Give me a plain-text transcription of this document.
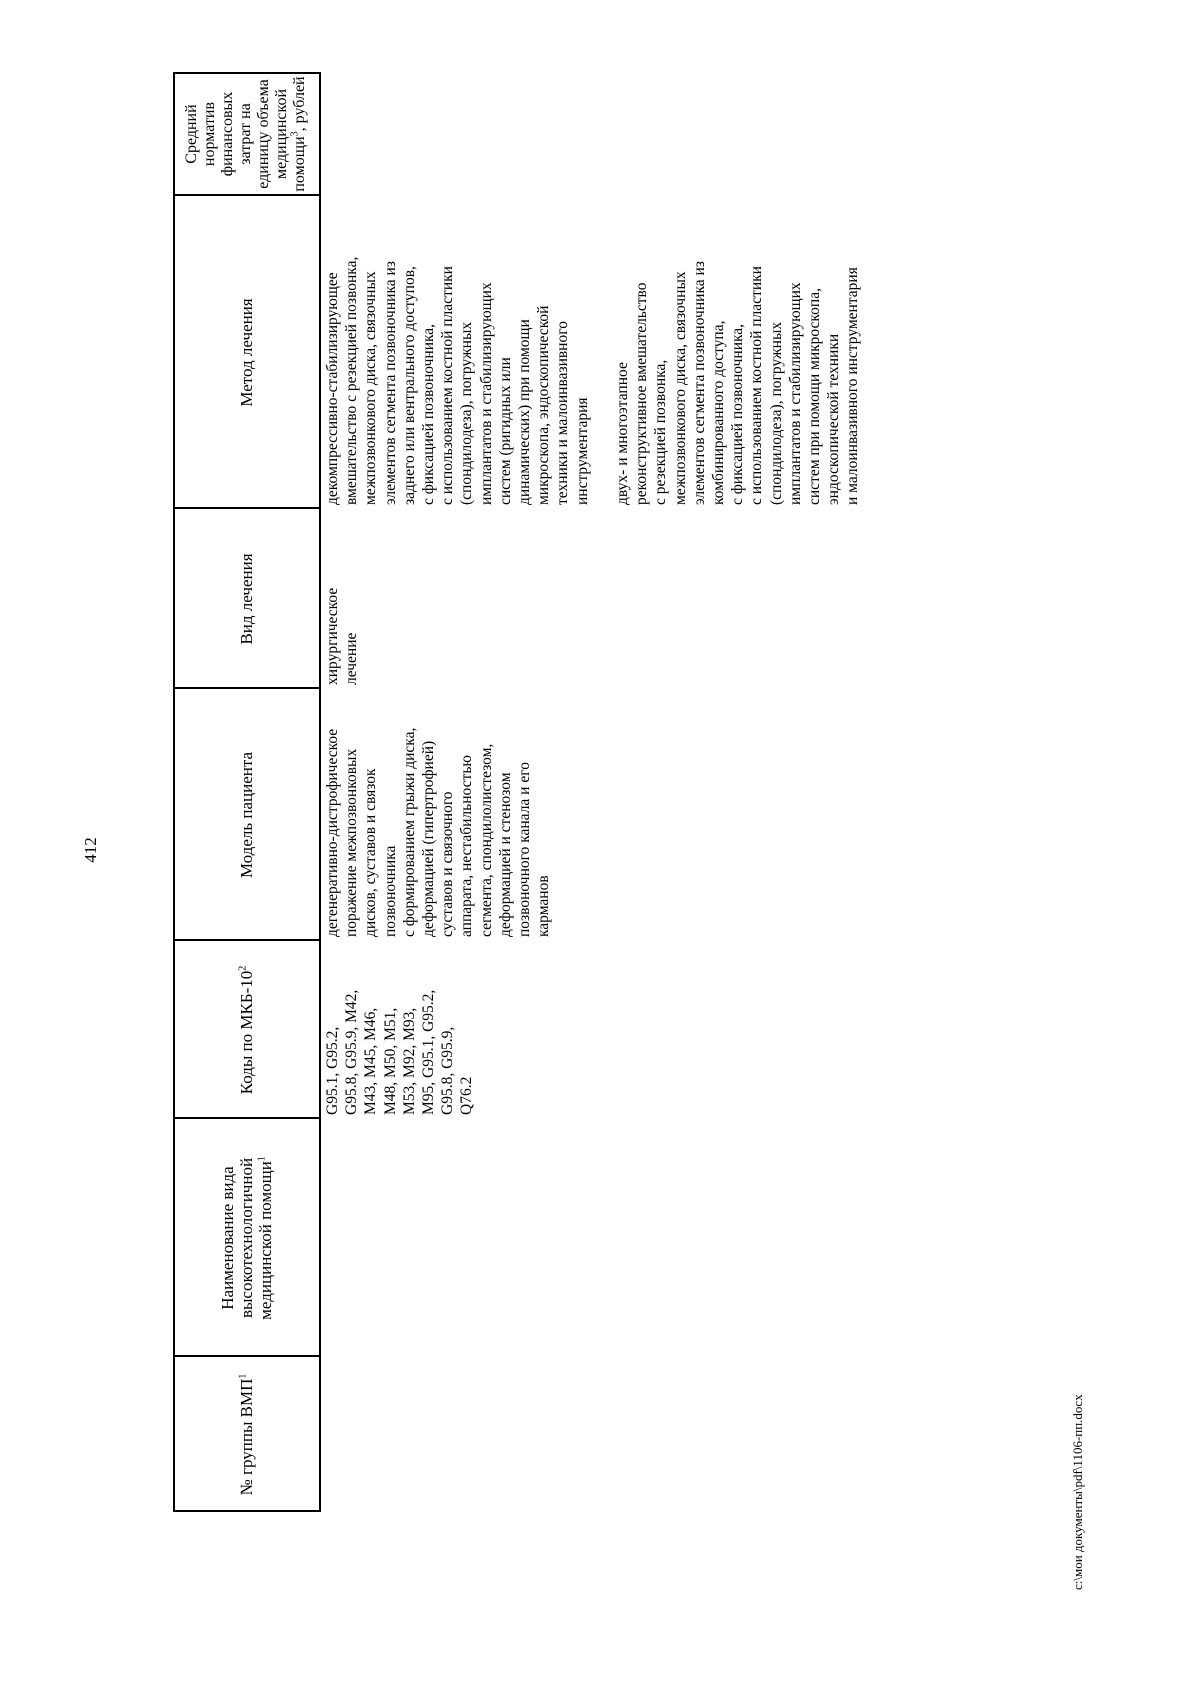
412
№ группы ВМП$^1$
Наименование вида высокотехнологичной медицинской помощи$^1$
Коды по МКБ-$10^2$
Модель пациента
Вид лечения
Метод лечения
Средний норматив финансовых затрат на единицу объема медицинской помощи$^3$, рублей
G95.1, G95.2,
G95.8, G95.9, M42,
M43, M45, M46,
M48, M50, M51,
M53, M92, M93,
M95, G95.1, G95.2,
G95.8, G95.9,
Q76.2
дегенеративно-дистрофическое
поражение межпозвонковых
дисков, суставов и связок
позвоночника
с формированием грыжи диска,
деформацией (гипертрофией)
суставов и связочного
аппарата, нестабильностью
сегмента, спондилолистезом,
деформацией и стенозом
позвоночного канала и его
карманов
хирургическое
лечение
декомпрессивно-стабилизирующее
вмешательство с резекцией позвонка,
межпозвонкового диска, связочных
элементов сегмента позвоночника из
заднего или вентрального доступов,
с фиксацией позвоночника,
с использованием костной пластики
(спондилодеза), погружных
имплантатов и стабилизирующих
систем (ригидных или
динамических) при помощи
микроскопа, эндоскопической
техники и малоинвазивного
инструментария двух- и многоэтапное
реконструктивное вмешательство
с резекцией позвонка,
межпозвонкового диска, связочных
элементов сегмента позвоночника из
комбинированного доступа,
с фиксацией позвоночника,
с использованием костной пластики
(спондилодеза), погружных
имплантатов и стабилизирующих
систем при помощи микроскопа,
эндоскопической техники
и малоинвазивного инструментария
c:\мои документы\pdf\1106-пп.docx
